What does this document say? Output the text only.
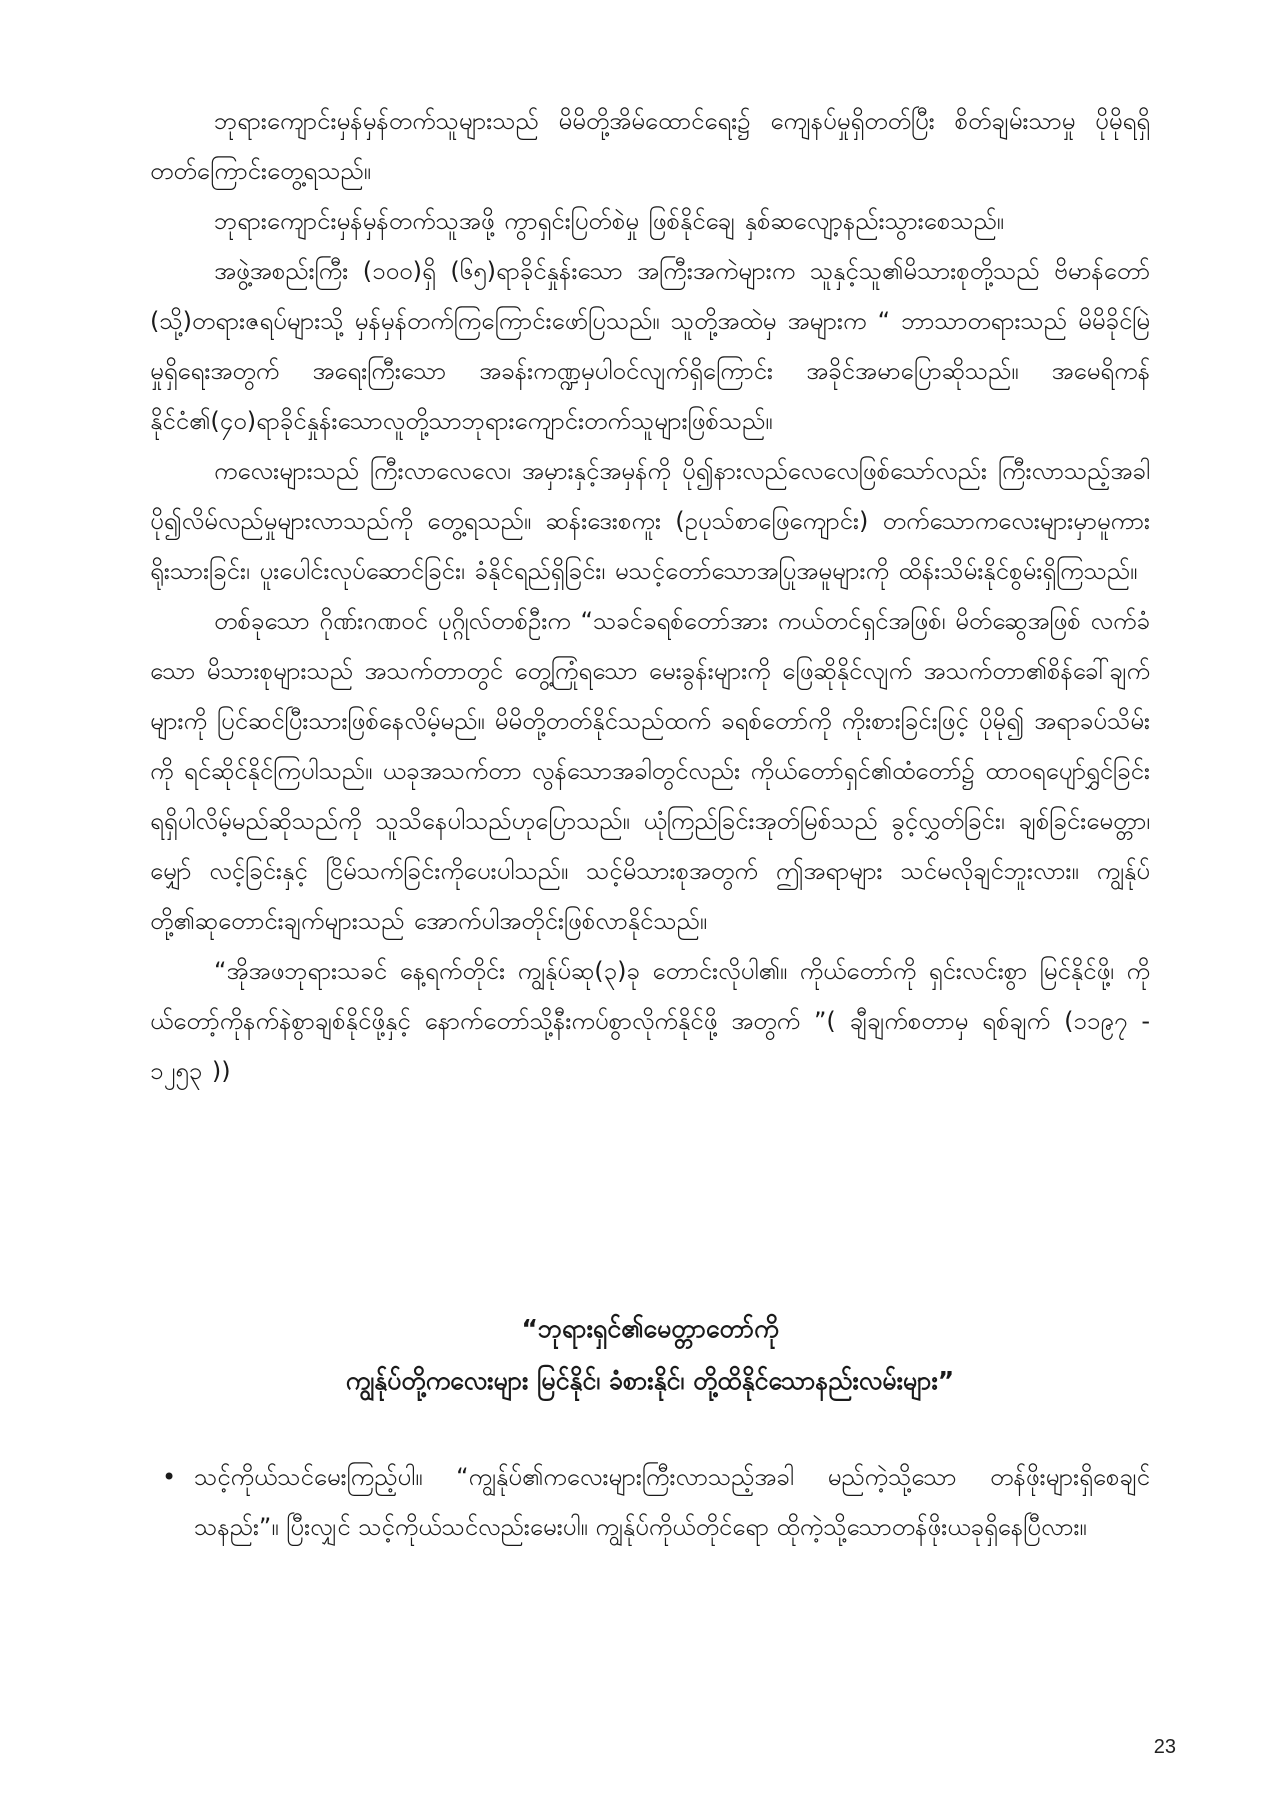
ဘုရားကျောင်းမှန်မှန်တက်သူများသည် မိမိတို့အိမ်ထောင်ရေး၌ ကျေနပ်မှုရှိတတ်ပြီး စိတ်ချမ်းသာမှု ပိုမိုရရှိတတ်ကြောင်းတွေ့ရသည်။

ဘုရားကျောင်းမှန်မှန်တက်သူအဖို့ ကွာရှင်းပြတ်စဲမှု ဖြစ်နိုင်ချေ နှစ်ဆလျော့နည်းသွားစေသည်။

အဖွဲ့အစည်းကြီး (၁၀၀)ရှိ (၆၅)ရာခိုင်နှုန်းသော အကြီးအကဲများက သူနှင့်သူ၏မိသားစုတို့သည် ဗိမာန်တော် (သို့)တရားဇရပ်များသို့ မှန်မှန်တက်ကြကြောင်းဖော်ပြသည်။ သူတို့အထဲမှ အများက “ ဘာသာတရားသည် မိမိခိုင်မြဲမှုရှိရေးအတွက် အရေးကြီးသော အခန်းကဏ္ဍမှပါဝင်လျက်ရှိကြောင်း အခိုင်အမာပြောဆိုသည်။ အမေရိကန်နိုင်ငံ၏(၄၀)ရာခိုင်နှုန်းသောလူတို့သာဘုရားကျောင်းတက်သူများဖြစ်သည်။

ကလေးများသည် ကြီးလာလေလေ၊ အမှားနှင့်အမှန်ကို ပို၍နားလည်လေလေဖြစ်သော်လည်း ကြီးလာသည့်အခါ ပို၍လိမ်လည်မှုများလာသည်ကို တွေ့ရသည်။ ဆန်းဒေးစကူး (ဥပုသ်စာဖြေကျောင်း) တက်သောကလေးများမှာမူကား ရိုးသားခြင်း၊ ပူးပေါင်းလုပ်ဆောင်ခြင်း၊ ခံနိုင်ရည်ရှိခြင်း၊ မသင့်တော်သောအပြုအမူများကို ထိန်းသိမ်းနိုင်စွမ်းရှိကြသည်။

တစ်ခုသော ဂိုဏ်းဂဏဝင် ပုဂ္ဂိုလ်တစ်ဦးက “သခင်ခရစ်တော်အား ကယ်တင်ရှင်အဖြစ်၊ မိတ်ဆွေအဖြစ် လက်ခံသော မိသားစုများသည် အသက်တာတွင် တွေ့ကြုံရသော မေးခွန်းများကို ဖြေဆိုနိုင်လျက် အသက်တာ၏စိန်ခေါ်ချက်များကို ပြင်ဆင်ပြီးသားဖြစ်နေလိမ့်မည်။ မိမိတို့တတ်နိုင်သည်ထက် ခရစ်တော်ကို ကိုးစားခြင်းဖြင့် ပိုမို၍ အရာခပ်သိမ်းကို ရင်ဆိုင်နိုင်ကြပါသည်။ ယခုအသက်တာ လွန်သောအခါတွင်လည်း ကိုယ်တော်ရှင်၏ထံတော်၌ ထာဝရပျော်ရွှင်ခြင်းရရှိပါလိမ့်မည်ဆိုသည်ကို သူသိနေပါသည်ဟုပြောသည်။ ယုံကြည်ခြင်းအုတ်မြစ်သည် ခွင့်လွှတ်ခြင်း၊ ချစ်ခြင်းမေတ္တာ၊ မျှော် လင့်ခြင်းနှင့် ငြိမ်သက်ခြင်းကိုပေးပါသည်။ သင့်မိသားစုအတွက် ဤအရာများ သင်မလိုချင်ဘူးလား။ ကျွန်ုပ်တို့၏ဆုတောင်းချက်များသည် အောက်ပါအတိုင်းဖြစ်လာနိုင်သည်။

“အိုအဖဘုရားသခင် နေ့ရက်တိုင်း ကျွန်ုပ်ဆု(၃)ခု တောင်းလိုပါ၏။ ကိုယ်တော်ကို ရှင်းလင်းစွာ မြင်နိုင်ဖို့၊ ကိုယ်တော့်ကိုနက်နဲစွာချစ်နိုင်ဖို့နှင့် နောက်တော်သို့နီးကပ်စွာလိုက်နိုင်ဖို့ အတွက် ”( ချီချက်စတာမှ ရစ်ချက် (၁၁၉၇ - ၁၂၅၃ ))

“ဘုရားရှင်၏မေတ္တာတော်ကို
ကျွန်ုပ်တို့ကလေးများ မြင်နိုင်၊ ခံစားနိုင်၊ တို့ထိနိုင်သောနည်းလမ်းများ”
• သင့်ကိုယ်သင်မေးကြည့်ပါ။ “ကျွန်ုပ်၏ကလေးများကြီးလာသည့်အခါ မည်ကဲ့သို့သော တန်ဖိုးများရှိစေချင်သနည်း”။ ပြီးလျှင် သင့်ကိုယ်သင်လည်းမေးပါ။ ကျွန်ုပ်ကိုယ်တိုင်ရော ထိုကဲ့သို့သောတန်ဖိုးယခုရှိနေပြီလား။
23
